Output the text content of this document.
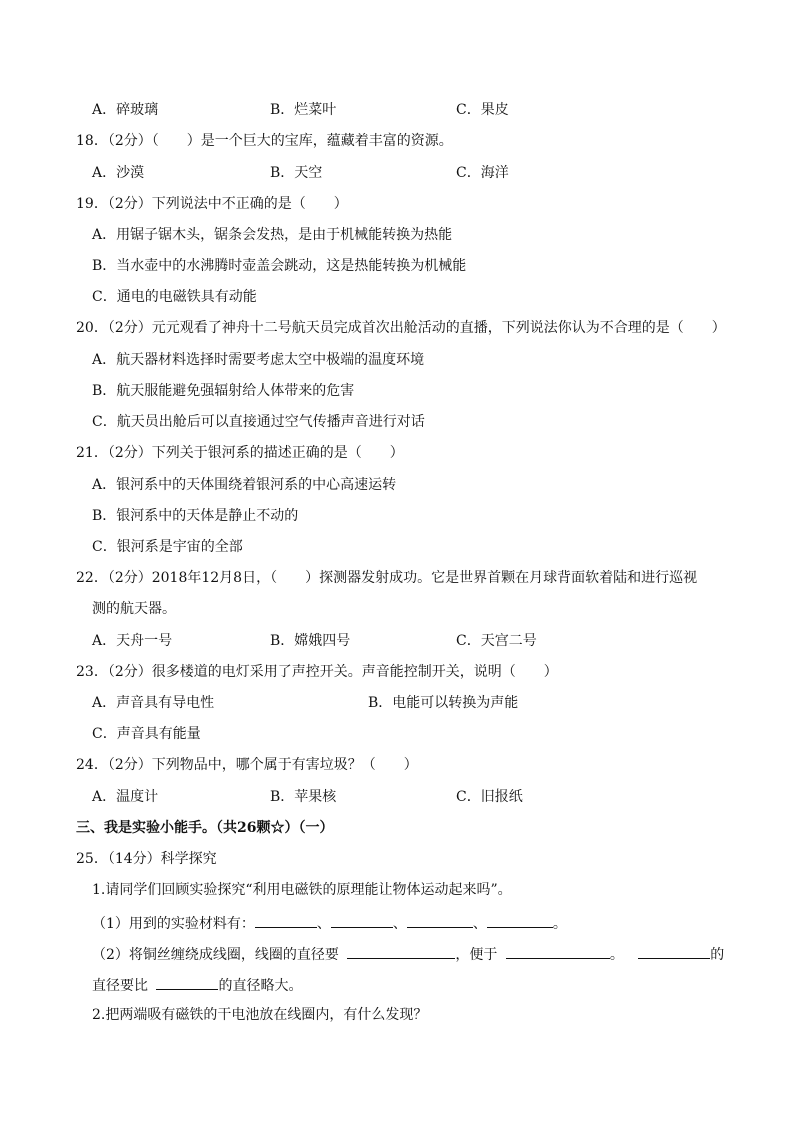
A．碎玻璃	B．烂菜叶	C．果皮
18．（2分）（　　）是一个巨大的宝库，蕴藏着丰富的资源。
A．沙漠	B．天空	C．海洋
19．（2分）下列说法中不正确的是（　　）
A．用锯子锯木头，锯条会发热，是由于机械能转换为热能
B．当水壶中的水沸腾时壶盖会跳动，这是热能转换为机械能
C．通电的电磁铁具有动能
20．（2分）元元观看了神舟十二号航天员完成首次出舱活动的直播，下列说法你认为不合理的是（　　）
A．航天器材料选择时需要考虑太空中极端的温度环境
B．航天服能避免强辐射给人体带来的危害
C．航天员出舱后可以直接通过空气传播声音进行对话
21．（2分）下列关于银河系的描述正确的是（　　）
A．银河系中的天体围绕着银河系的中心高速运转
B．银河系中的天体是静止不动的
C．银河系是宇宙的全部
22．（2分）2018年12月8日，（　　）探测器发射成功。它是世界首颗在月球背面软着陆和进行巡视
测的航天器。
A．天舟一号	B．嫦娥四号	C．天宫二号
23．（2分）很多楼道的电灯采用了声控开关。声音能控制开关，说明（　　）
A．声音具有导电性	B．电能可以转换为声能
C．声音具有能量
24．（2分）下列物品中，哪个属于有害垃圾？（　　）
A．温度计	B．苹果核	C．旧报纸
三、我是实验小能手。（共26颗☆）（一）
25．（14分）科学探究
1.请同学们回顾实验探究“利用电磁铁的原理能让物体运动起来吗”。
（1）用到的实验材料有：	、	、	、	。
（2）将铜丝缠绕成线圈，线圈的直径要	，便于	。	的
直径要比	的直径略大。
2.把两端吸有磁铁的干电池放在线圈内，有什么发现？
